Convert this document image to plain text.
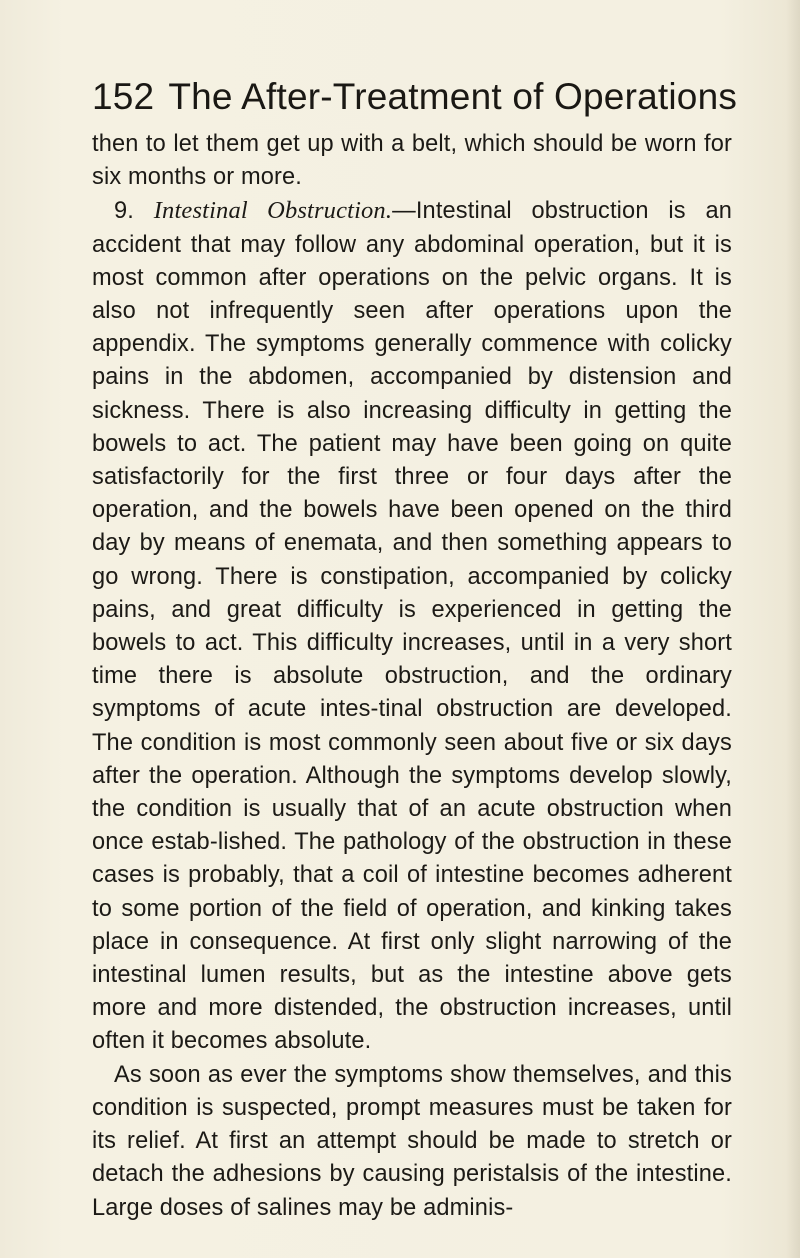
152 The After-Treatment of Operations

then to let them get up with a belt, which should be worn for six months or more.

9. Intestinal Obstruction.—Intestinal obstruction is an accident that may follow any abdominal operation, but it is most common after operations on the pelvic organs. It is also not infrequently seen after operations upon the appendix. The symptoms generally commence with colicky pains in the abdomen, accompanied by distension and sickness. There is also increasing difficulty in getting the bowels to act. The patient may have been going on quite satisfactorily for the first three or four days after the operation, and the bowels have been opened on the third day by means of enemata, and then something appears to go wrong. There is constipation, accompanied by colicky pains, and great difficulty is experienced in getting the bowels to act. This difficulty increases, until in a very short time there is absolute obstruction, and the ordinary symptoms of acute intes-tinal obstruction are developed. The condition is most commonly seen about five or six days after the operation. Although the symptoms develop slowly, the condition is usually that of an acute obstruction when once estab-lished. The pathology of the obstruction in these cases is probably, that a coil of intestine becomes adherent to some portion of the field of operation, and kinking takes place in consequence. At first only slight narrowing of the intestinal lumen results, but as the intestine above gets more and more distended, the obstruction increases, until often it becomes absolute.

As soon as ever the symptoms show themselves, and this condition is suspected, prompt measures must be taken for its relief. At first an attempt should be made to stretch or detach the adhesions by causing peristalsis of the intestine. Large doses of salines may be adminis-
